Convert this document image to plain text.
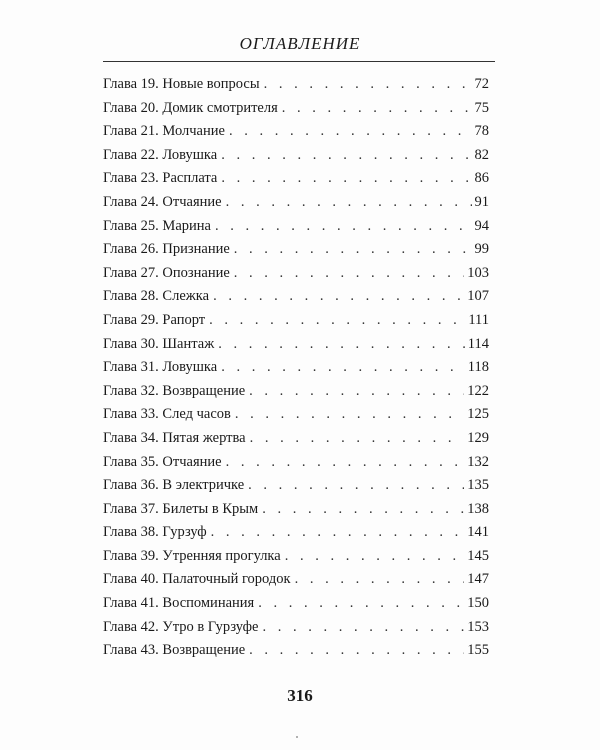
ОГЛАВЛЕНИЕ
Глава 19. Новые вопросы . . .	72
Глава 20. Домик смотрителя . . .	75
Глава 21. Молчание . . .	78
Глава 22. Ловушка . . .	82
Глава 23. Расплата . . .	86
Глава 24. Отчаяние . . .	91
Глава 25. Марина . . .	94
Глава 26. Признание . . .	99
Глава 27. Опознание . . .	103
Глава 28. Слежка . . .	107
Глава 29. Рапорт . . .	111
Глава 30. Шантаж . . .	114
Глава 31. Ловушка . . .	118
Глава 32. Возвращение . . .	122
Глава 33. След часов . . .	125
Глава 34. Пятая жертва . . .	129
Глава 35. Отчаяние . . .	132
Глава 36. В электричке . . .	135
Глава 37. Билеты в Крым . . .	138
Глава 38. Гурзуф . . .	141
Глава 39. Утренняя прогулка . . .	145
Глава 40. Палаточный городок . . .	147
Глава 41. Воспоминания . . .	150
Глава 42. Утро в Гурзуфе . . .	153
Глава 43. Возвращение . . .	155
316
